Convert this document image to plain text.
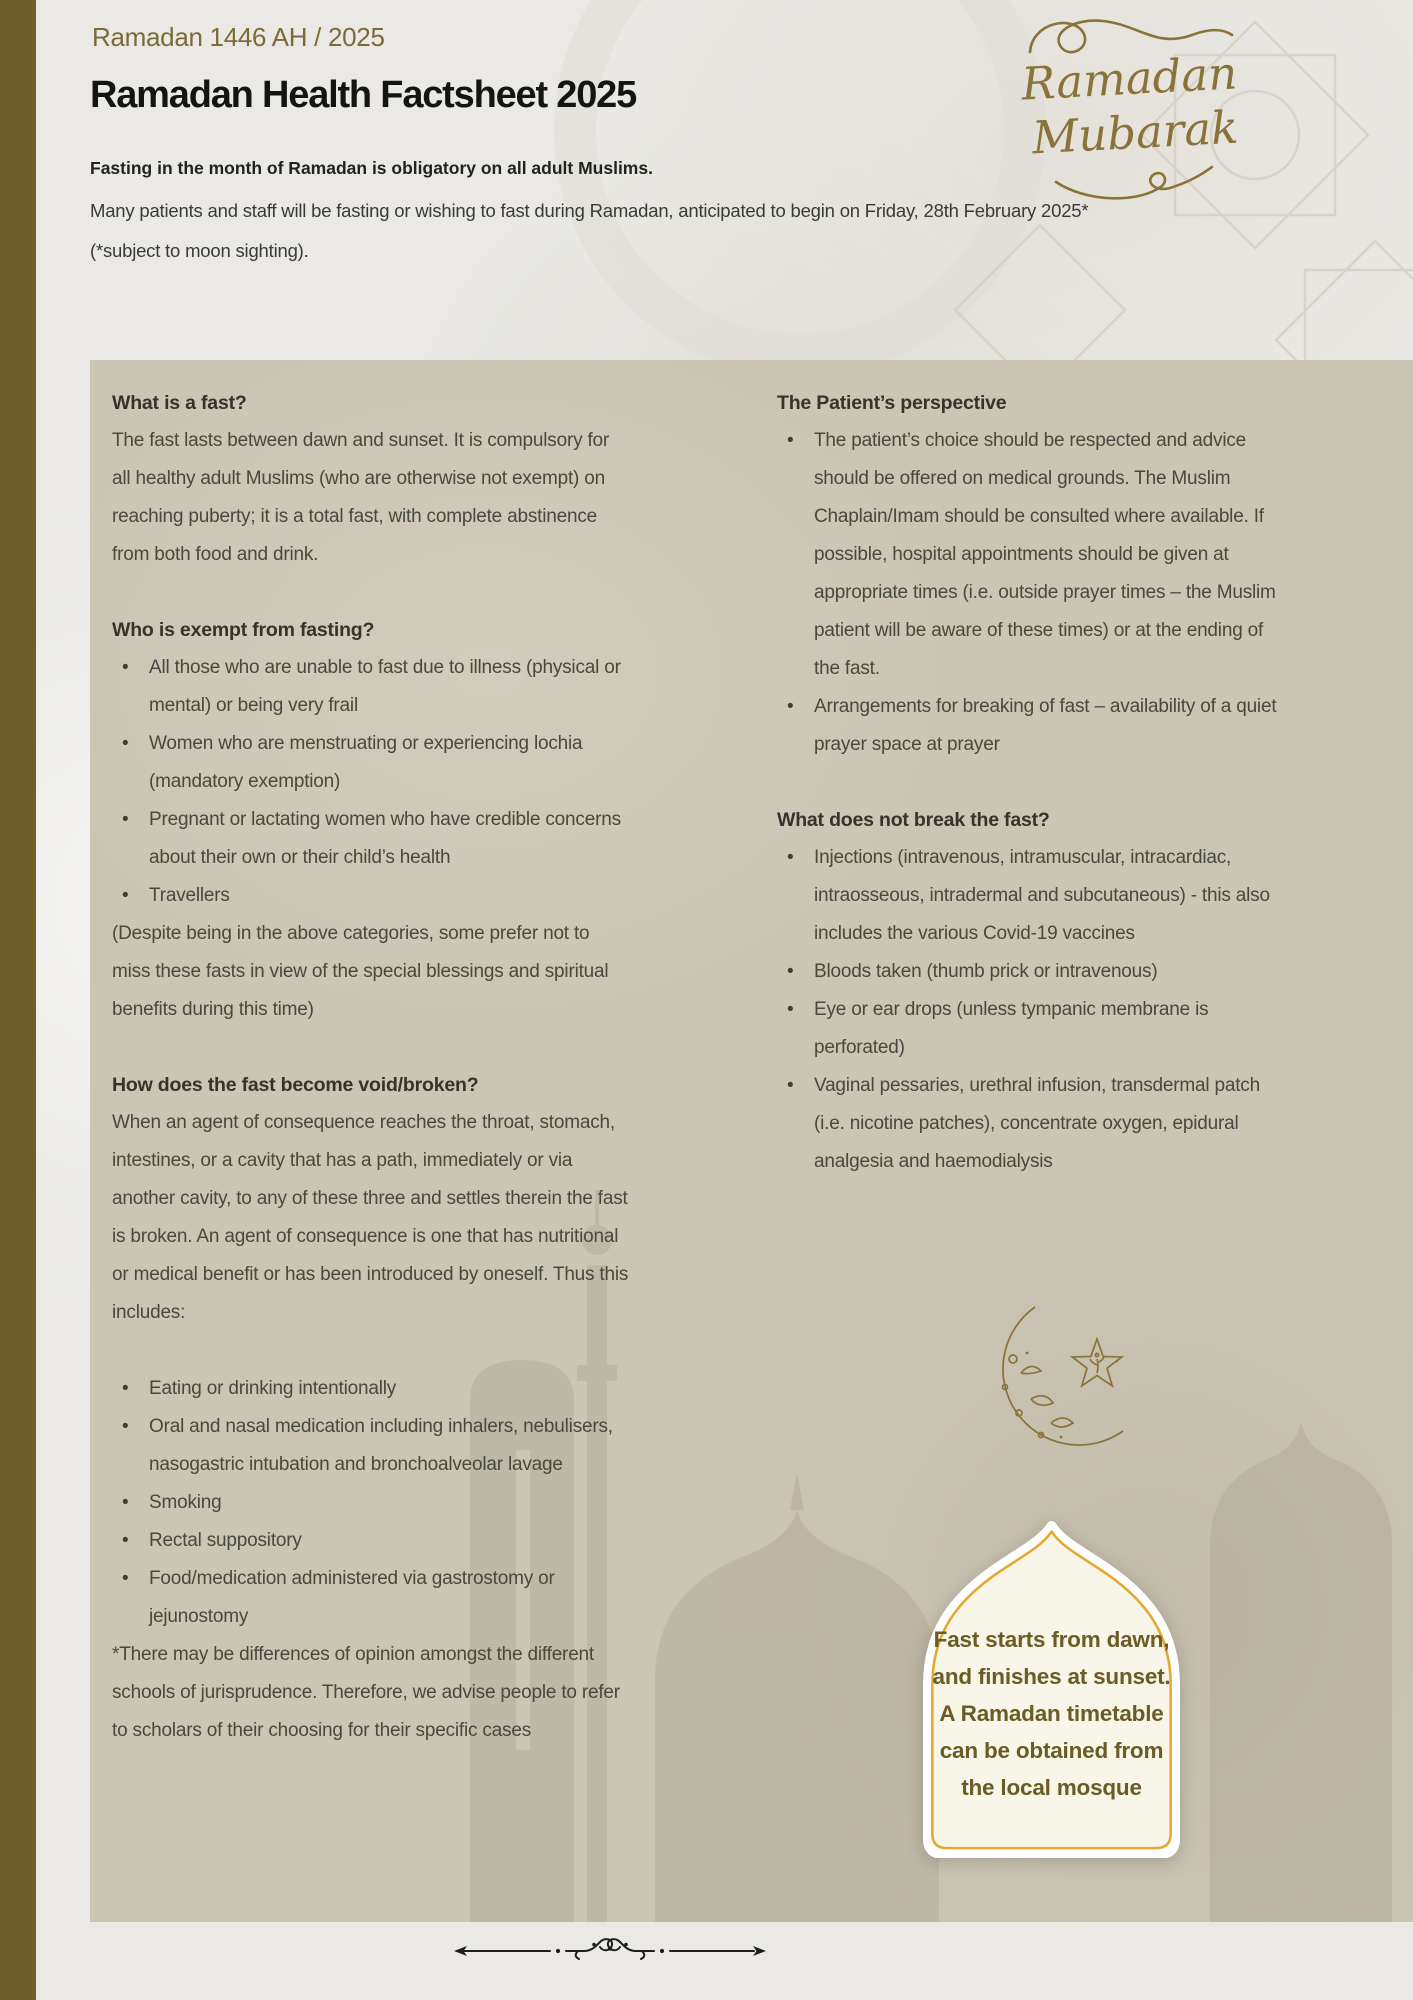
Ramadan 1446 AH / 2025
Ramadan Health Factsheet 2025	Ramadan
Mubarak

Fasting in the month of Ramadan is obligatory on all adult Muslims.

Many patients and staff will be fasting or wishing to fast during Ramadan, anticipated to begin on Friday, 28th February 2025* (*subject to moon sighting).

What is a fast?

The fast lasts between dawn and sunset. It is compulsory for all healthy adult Muslims (who are otherwise not exempt) on reaching puberty; it is a total fast, with complete abstinence from both food and drink.

Who is exempt from fasting?
• All those who are unable to fast due to illness (physical or mental) or being very frail
• Women who are menstruating or experiencing lochia (mandatory exemption)
• Pregnant or lactating women who have credible concerns about their own or their child’s health
• Travellers

(Despite being in the above categories, some prefer not to miss these fasts in view of the special blessings and spiritual benefits during this time)

How does the fast become void/broken?

When an agent of consequence reaches the throat, stomach, intestines, or a cavity that has a path, immediately or via another cavity, to any of these three and settles therein the fast is broken. An agent of consequence is one that has nutritional or medical benefit or has been introduced by oneself. Thus this includes:

• Eating or drinking intentionally
• Oral and nasal medication including inhalers, nebulisers, nasogastric intubation and bronchoalveolar lavage
• Smoking
• Rectal suppository
• Food/medication administered via gastrostomy or jejunostomy

*There may be differences of opinion amongst the different schools of jurisprudence. Therefore, we advise people to refer to scholars of their choosing for their specific cases

The Patient’s perspective
• The patient’s choice should be respected and advice should be offered on medical grounds. The Muslim Chaplain/Imam should be consulted where available. If possible, hospital appointments should be given at appropriate times (i.e. outside prayer times – the Muslim patient will be aware of these times) or at the ending of the fast.
• Arrangements for breaking of fast – availability of a quiet prayer space at prayer
What does not break the fast?
• Injections (intravenous, intramuscular, intracardiac, intraosseous, intradermal and subcutaneous) - this also includes the various Covid-19 vaccines
• Bloods taken (thumb prick or intravenous)
• Eye or ear drops (unless tympanic membrane is perforated)
• Vaginal pessaries, urethral infusion, transdermal patch (i.e. nicotine patches), concentrate oxygen, epidural analgesia and haemodialysis
Fast starts from dawn, and finishes at sunset. A Ramadan timetable can be obtained from the local mosque
